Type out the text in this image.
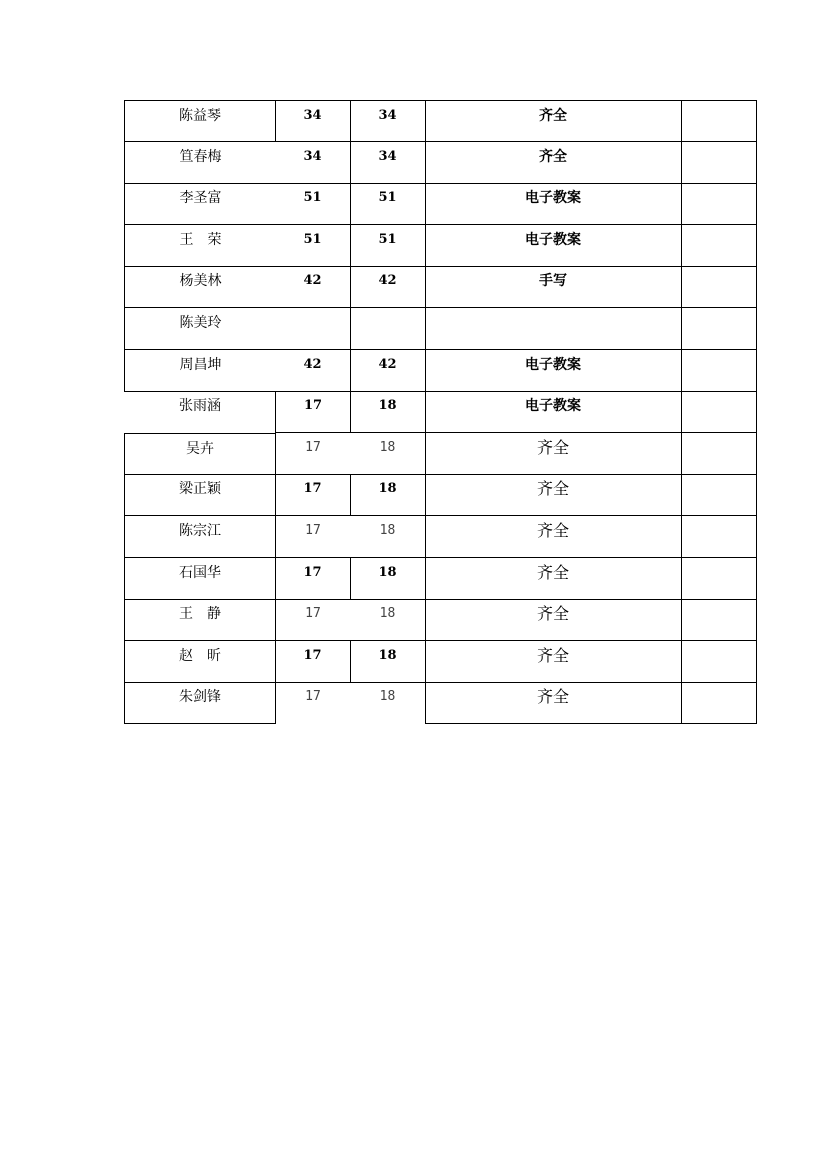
陈益琴	34	34	齐全
笪春梅	34	34	齐全
李圣富	51	51	电子教案
王　荣	51	51	电子教案
杨美林	42	42	手写
陈美玲
周昌坤	42	42	电子教案
张雨涵	17	18	电子教案
吴卉	17	18	齐全
梁正颖	17	18	齐全
陈宗江	17	18	齐全
石国华	17	18	齐全
王　静	17	18	齐全
赵　昕	17	18	齐全
朱剑锋	17	18	齐全
